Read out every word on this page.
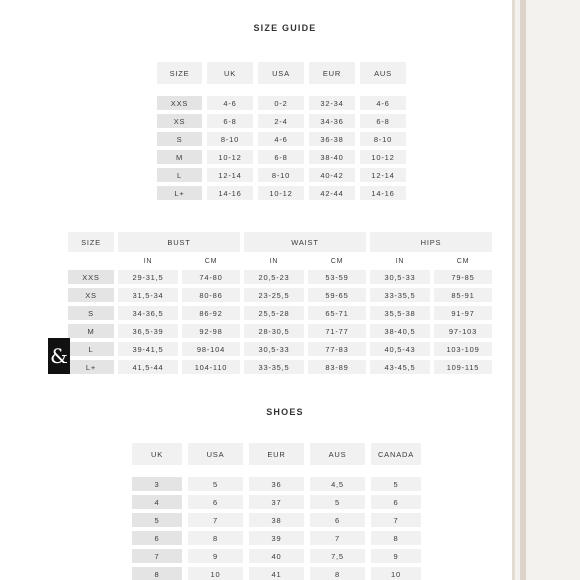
SIZE GUIDE
SIZE	UK	USA	EUR	AUS

XXS	4-6	0-2	32-34	4-6
XS	6-8	2-4	34-36	6-8
S	8-10	4-6	36-38	8-10
M	10-12	6-8	38-40	10-12
L	12-14	8-10	40-42	12-14
L+	14-16	10-12	42-44	14-16
SIZE	BUST		WAIST		HIPS	
	IN	CM	IN	CM	IN	CM
XXS	29-31,5	74-80	20,5-23	53-59	30,5-33	79-85
XS	31,5-34	80-86	23-25,5	59-65	33-35,5	85-91
S	34-36,5	86-92	25,5-28	65-71	35,5-38	91-97
M	36,5-39	92-98	28-30,5	71-77	38-40,5	97-103
L	39-41,5	98-104	30,5-33	77-83	40,5-43	103-109
L+	41,5-44	104-110	33-35,5	83-89	43-45,5	109-115
SHOES
UK	USA	EUR	AUS	CANADA

3	5	36	4,5	5
4	6	37	5	6
5	7	38	6	7
6	8	39	7	8
7	9	40	7,5	9
8	10	41	8	10
&
